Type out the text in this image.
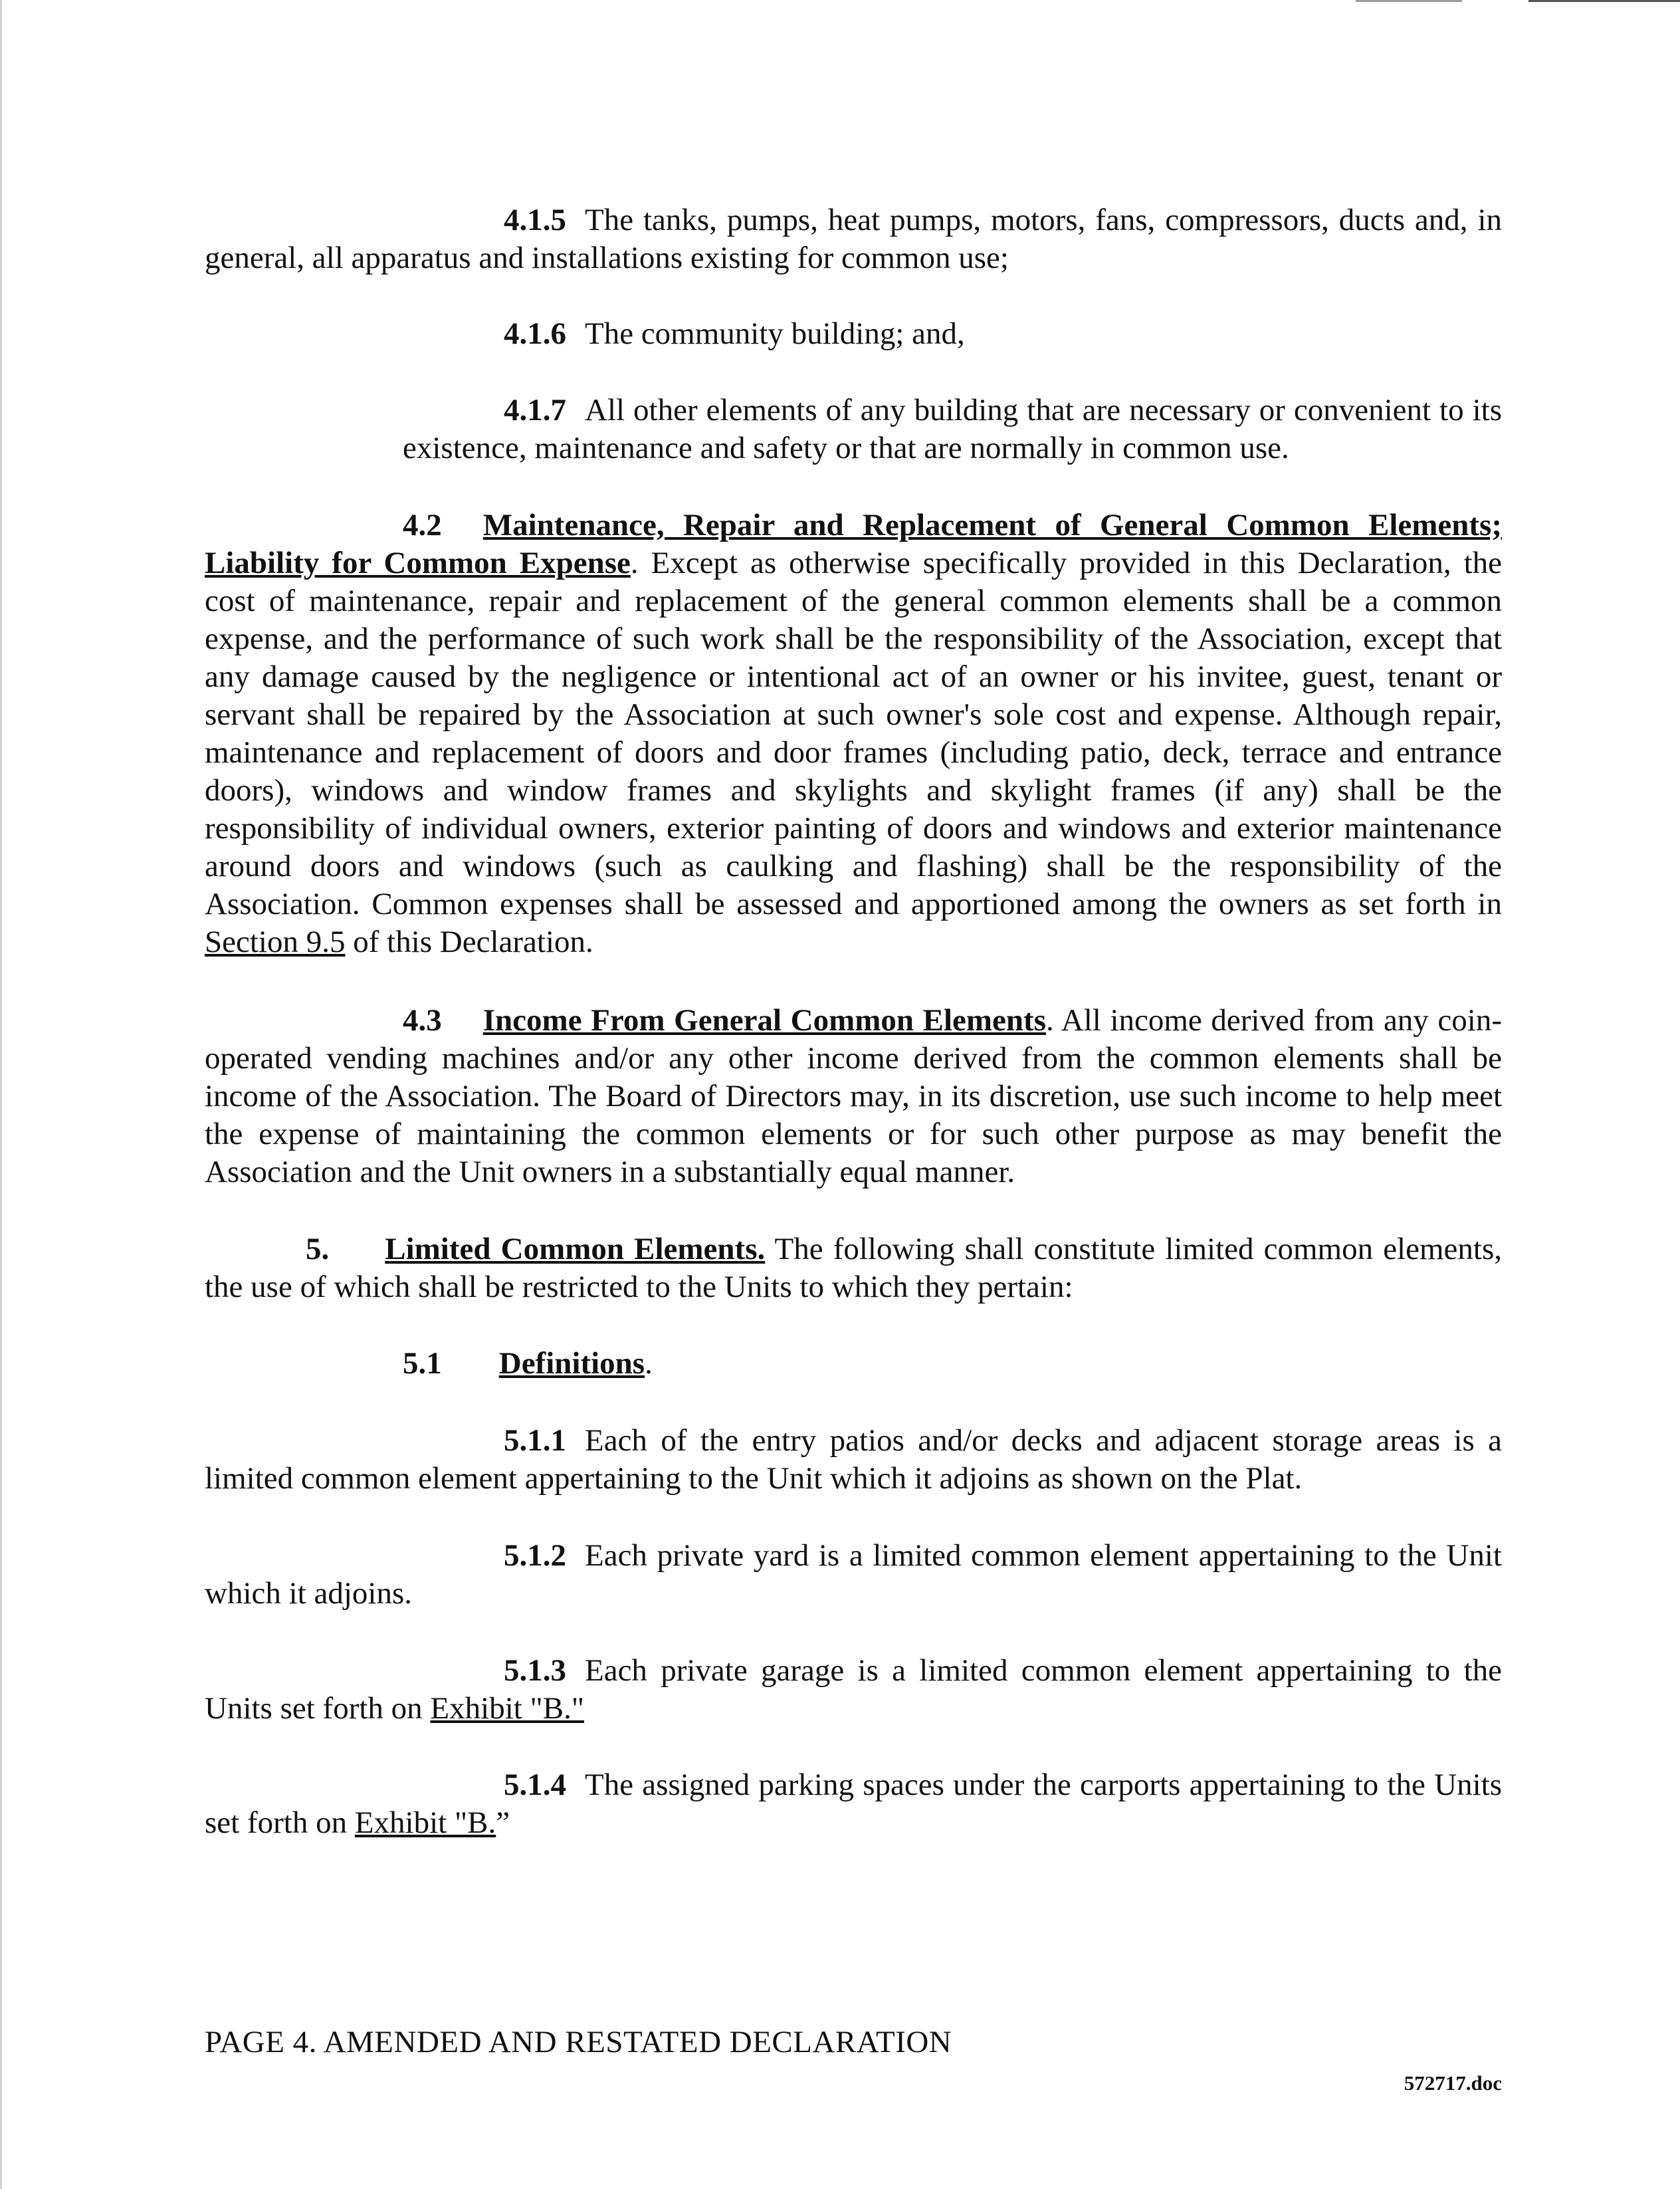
4.1.5 The tanks, pumps, heat pumps, motors, fans, compressors, ducts and, in general, all apparatus and installations existing for common use;

4.1.6 The community building; and,

4.1.7 All other elements of any building that are necessary or convenient to its existence, maintenance and safety or that are normally in common use.

4.2 Maintenance, Repair and Replacement of General Common Elements; Liability for Common Expense. Except as otherwise specifically provided in this Declaration, the cost of maintenance, repair and replacement of the general common elements shall be a common expense, and the performance of such work shall be the responsibility of the Association, except that any damage caused by the negligence or intentional act of an owner or his invitee, guest, tenant or servant shall be repaired by the Association at such owner's sole cost and expense. Although repair, maintenance and replacement of doors and door frames (including patio, deck, terrace and entrance doors), windows and window frames and skylights and skylight frames (if any) shall be the responsibility of individual owners, exterior painting of doors and windows and exterior maintenance around doors and windows (such as caulking and flashing) shall be the responsibility of the Association. Common expenses shall be assessed and apportioned among the owners as set forth in Section 9.5 of this Declaration.

4.3 Income From General Common Elements. All income derived from any coin-operated vending machines and/or any other income derived from the common elements shall be income of the Association. The Board of Directors may, in its discretion, use such income to help meet the expense of maintaining the common elements or for such other purpose as may benefit the Association and the Unit owners in a substantially equal manner.

5. Limited Common Elements. The following shall constitute limited common elements, the use of which shall be restricted to the Units to which they pertain:

5.1 Definitions.

5.1.1 Each of the entry patios and/or decks and adjacent storage areas is a limited common element appertaining to the Unit which it adjoins as shown on the Plat.

5.1.2 Each private yard is a limited common element appertaining to the Unit which it adjoins.

5.1.3 Each private garage is a limited common element appertaining to the Units set forth on Exhibit "B."

5.1.4 The assigned parking spaces under the carports appertaining to the Units set forth on Exhibit "B.”

PAGE 4. AMENDED AND RESTATED DECLARATION
572717.doc
